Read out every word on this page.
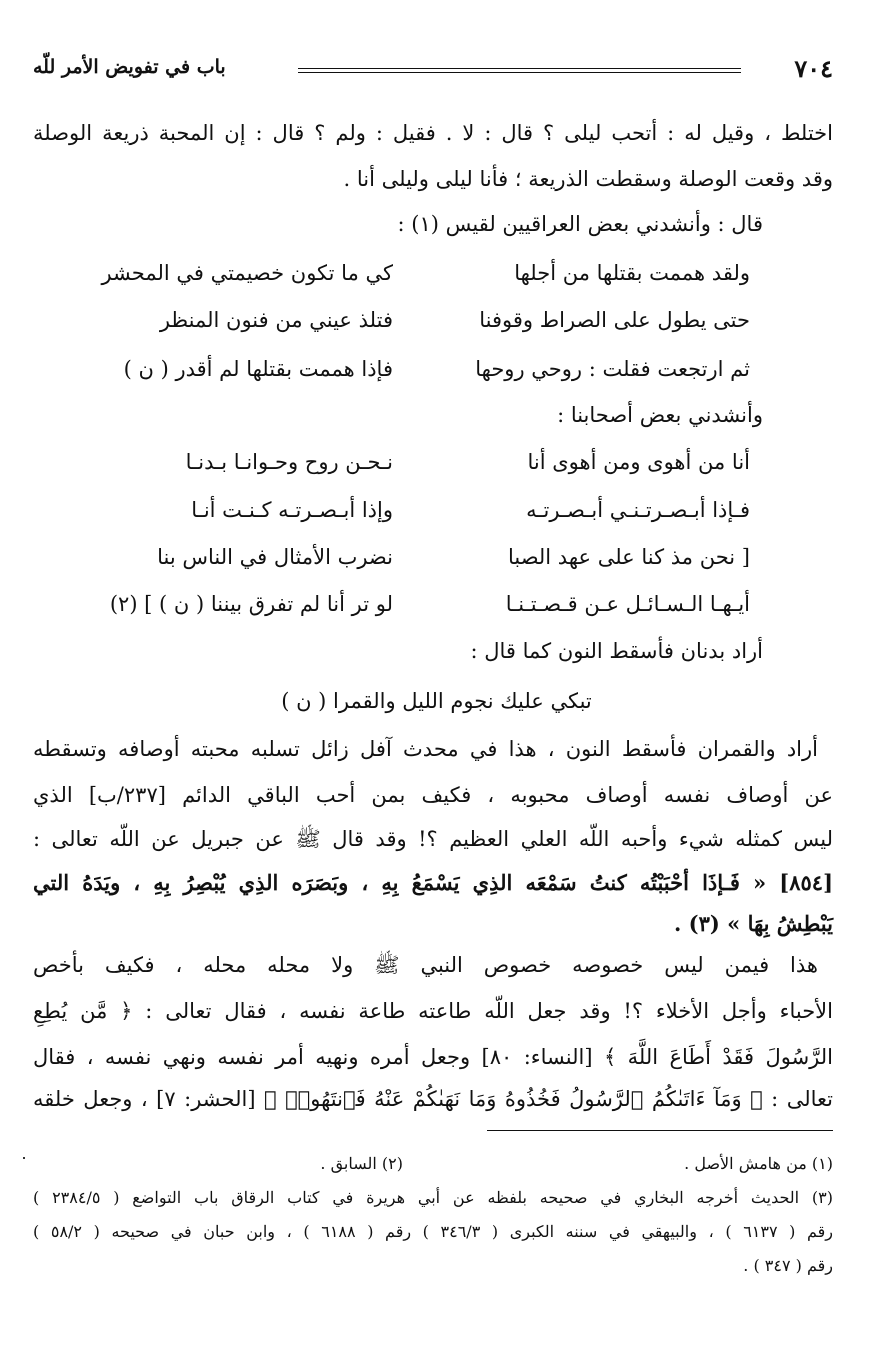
٧٠٤
باب في تفويض الأمر للّه
اختلط ، وقيل له : أتحب ليلى ؟ قال : لا . فقيل : ولم ؟ قال : إن المحبة ذريعة الوصلة
وقد وقعت الوصلة وسقطت الذريعة ؛ فأنا ليلى وليلى أنا .
قال : وأنشدني بعض العراقيين لقيس (١) :
ولقد هممت بقتلها من أجلها
كي ما تكون خصيمتي في المحشر
حتى يطول على الصراط وقوفنا
فتلذ عيني من فنون المنظر
ثم ارتجعت فقلت : روحي روحها
فإذا هممت بقتلها لم أقدر ( ن )
وأنشدني بعض أصحابنا :
أنا من أهوى ومن أهوى أنا
نـحـن روح وحـوانـا بـدنـا
فـإذا أبـصـرتـنـي أبـصـرتـه
وإذا أبـصـرتـه كـنـت أنـا
[ نحن مذ كنا على عهد الصبا
نضرب الأمثال في الناس بنا
أيـهـا الـسـائـل عـن قـصـتـنـا
لو تر أنا لم تفرق بيننا ( ن ) ] (٢)
أراد بدنان فأسقط النون كما قال :
تبكي عليك نجوم الليل والقمرا ( ن )
أراد والقمران فأسقط النون ، هذا في محدث آفل زائل تسلبه محبته أوصافه وتسقطه
عن أوصاف نفسه أوصاف محبوبه ، فكيف بمن أحب الباقي الدائم [٢٣٧/ب] الذي
ليس كمثله شيء وأحبه اللّه العلي العظيم ؟! وقد قال ﷺ عن جبريل عن اللّه تعالى :
[٨٥٤] « فَـإذَا أحْبَبْتُه كنتُ سَمْعَه الذِي يَسْمَعُ بِهِ ، وبَصَرَه الذِي يُبْصِرُ بِهِ ، ويَدَهُ التي
يَبْطِشُ بِهَا » (٣) .
هذا فيمن ليس خصوصه خصوص النبي ﷺ ولا محله محله ، فكيف بأخص
الأحباء وأجل الأخلاء ؟! وقد جعل اللّه طاعته طاعة نفسه ، فقال تعالى : ﴿ مَّن يُطِعِ
الرَّسُولَ فَقَدْ أَطَاعَ اللَّهَ ﴾ [النساء: ٨٠] وجعل أمره ونهيه أمر نفسه ونهي نفسه ، فقال
تعالى : ﴿ وَمَآ ءَاتَىٰكُمُ ٱلرَّسُولُ فَخُذُوهُ وَمَا نَهَىٰكُمْ عَنْهُ فَٱنتَهُوا۟ ﴾ [الحشر: ٧] ، وجعل خلقه
(١) من هامش الأصل .
(٢) السابق .
(٣) الحديث أخرجه البخاري في صحيحه بلفظه عن أبي هريرة في كتاب الرقاق باب التواضع ( ٢٣٨٤/٥ )
رقم ( ٦١٣٧ ) ، والبيهقي في سننه الكبرى ( ٣٤٦/٣ ) رقم ( ٦١٨٨ ) ، وابن حبان في صحيحه ( ٥٨/٢ )
رقم ( ٣٤٧ ) .
